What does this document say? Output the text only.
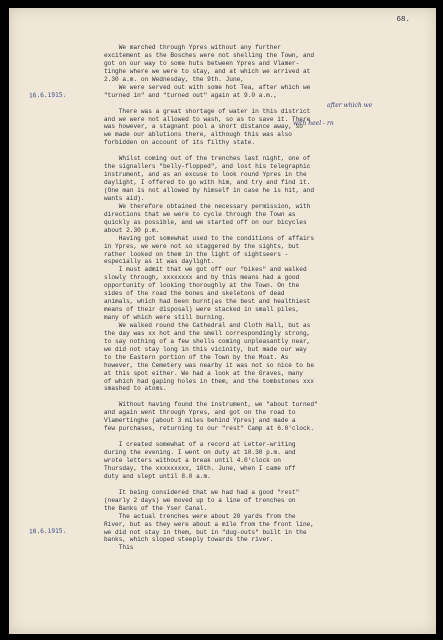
68.
16.6.1915.
10.6.1915.
after which we
with heel - rn
We marched through Ypres without any further
excitement as the Bosches were not shelling the Town, and
got on our way to some huts between Ypres and Vlamer-
tinghe where we were to stay, and at which we arrived at
2.30 a.m. on Wednesday, the 9th. June,
We were served out with some hot Tea, after which we
"turned in" and "turned out" again at 9.0 a.m.,
There was a great shortage of water in this district
and we were not allowed to wash, so as to save it. There
was however, a stagnant pool a short distance away, so
we made our ablutions there, although this was also
forbidden on account of its filthy state.
Whilst coming out of the trenches last night, one of
the signallers "belly-flopped", and lost his telegraphic
instrument, and as an excuse to look round Ypres in the
daylight, I offered to go with him, and try and find it.
(One man is not allowed by himself in case he is hit, and
wants aid).
We therefore obtained the necessary permission, with
directions that we were to cycle through the Town as
quickly as possible, and we started off on our bicycles
about 2.30 p.m.
Having got somewhat used to the conditions of affairs
in Ypres, we were not so staggered by the sights, but
rather looked on them in the light of sightseers -
especially as it was daylight.
I must admit that we got off our "bikes" and walked
slowly through, xxxxxxxx and by this means had a good
opportunity of looking thoroughly at the Town. On the
sides of the road the bones and skeletons of dead
animals, which had been burnt(as the best and healthiest
means of their disposal) were stacked in small piles,
many of which were still burning.
We walked round the Cathedral and Cloth Hall, but as
the day was xx hot and the smell correspondingly strong,
to say nothing of a few shells coming unpleasantly near,
we did not stay long in this vicinity, but made our way
to the Eastern portion of the Town by the Moat. As
however, the Cemetery was nearby it was not so nice to be
at this spot either. We had a look at the Graves, many
of which had gaping holes in them, and the tombstones xxx
smashed to atoms.
Without having found the instrument, we "about turned"
and again went through Ypres, and got on the road to
Vlamertinghe (about 3 miles behind Ypres) and made a
few purchases, returning to our "rest" Camp at 6.0'clock.
I created somewhat of a record at Letter-writing
during the evening. I went on duty at 10.30 p.m. and
wrote letters without a break until 4.0'clock on
Thursday, the xxxxxxxxx, 10th. June, when I came off
duty and slept until 8.0 a.m.
It being considered that we had had a good "rest"
(nearly 2 days) we moved up to a line of trenches on
the Banks of the Yser Canal.
The actual trenches were about 20 yards from the
River, but as they were about a mile from the front line,
we did not stay in them, but in "dug-outs" built in the
banks, which sloped steeply towards the river.
This
